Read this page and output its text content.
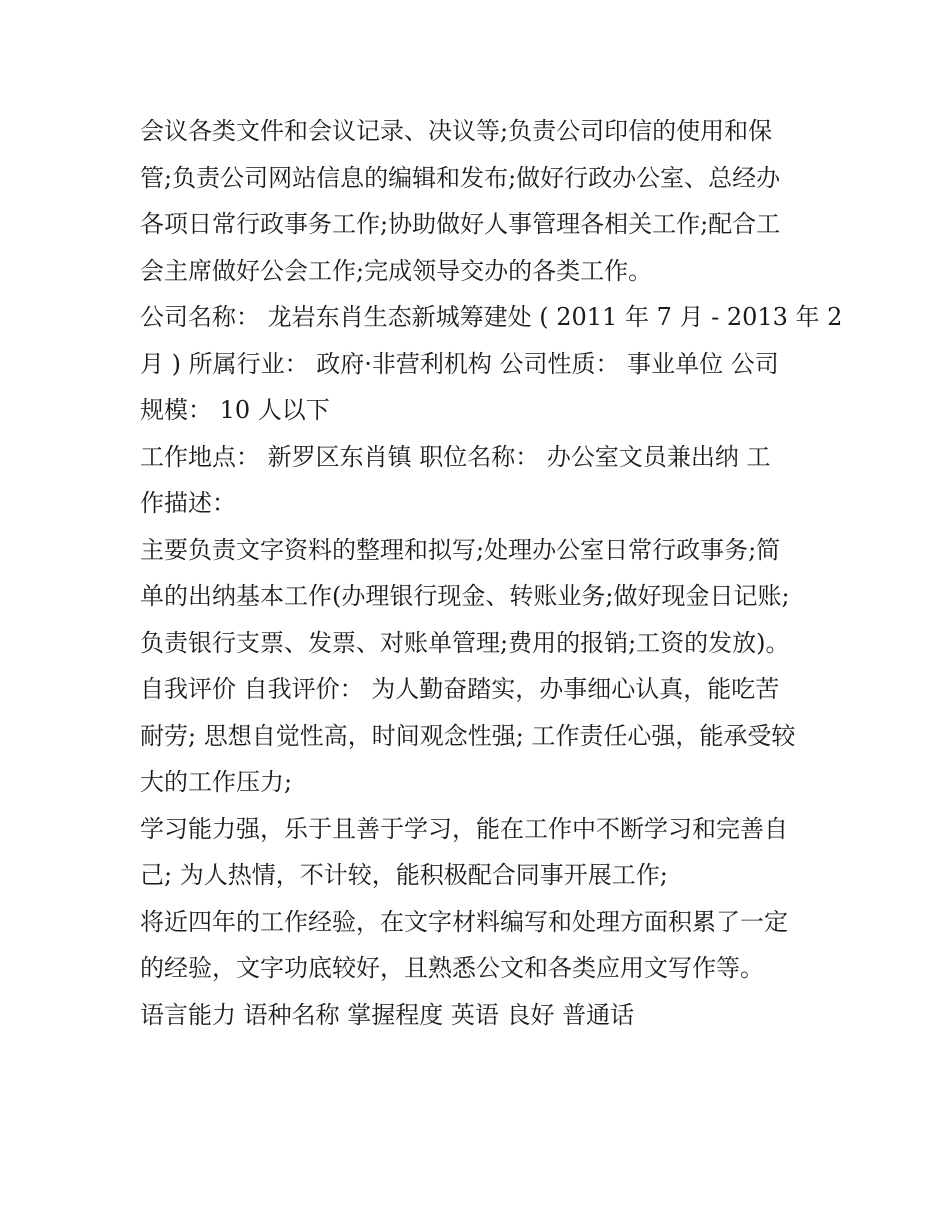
会议各类文件和会议记录、决议等;负责公司印信的使用和保
管;负责公司网站信息的编辑和发布;做好行政办公室、总经办
各项日常行政事务工作;协助做好人事管理各相关工作;配合工
会主席做好公会工作;完成领导交办的各类工作。
公司名称： 龙岩东肖生态新城筹建处 ( 2011 年 7 月 - 2013 年 2
月 ) 所属行业： 政府·非营利机构 公司性质： 事业单位 公司
规模： 10 人以下
工作地点： 新罗区东肖镇 职位名称： 办公室文员兼出纳 工
作描述：
主要负责文字资料的整理和拟写;处理办公室日常行政事务;简
单的出纳基本工作(办理银行现金、转账业务;做好现金日记账;
负责银行支票、发票、对账单管理;费用的报销;工资的发放)。
自我评价 自我评价： 为人勤奋踏实，办事细心认真，能吃苦
耐劳; 思想自觉性高，时间观念性强; 工作责任心强，能承受较
大的工作压力;
学习能力强，乐于且善于学习，能在工作中不断学习和完善自
己; 为人热情，不计较，能积极配合同事开展工作;
将近四年的工作经验，在文字材料编写和处理方面积累了一定
的经验，文字功底较好，且熟悉公文和各类应用文写作等。
语言能力 语种名称 掌握程度 英语 良好 普通话
